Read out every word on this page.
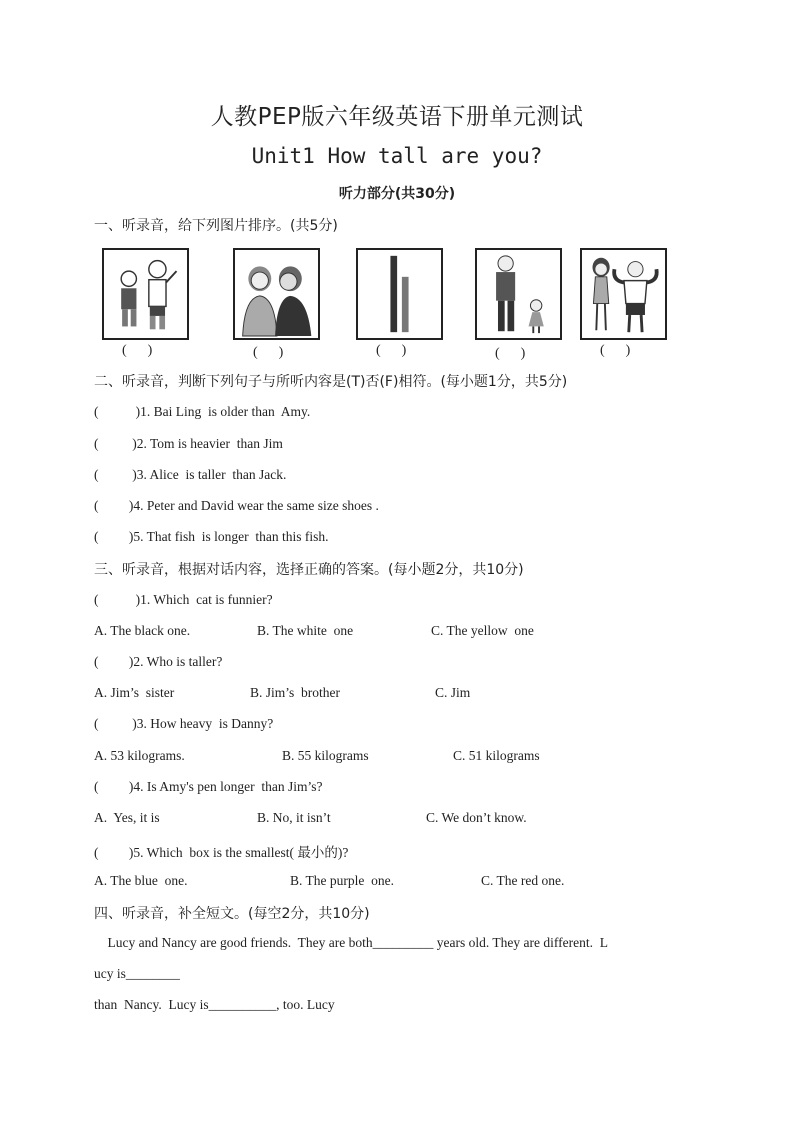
人教PEP版六年级英语下册单元测试
Unit1 How tall are you?
听力部分(共30分)
一、听录音，给下列图片排序。(共5分)
(      )	(      )	(      )	(      )	(      )
二、听录音，判断下列句子与所听内容是(T)否(F)相符。(每小题1分，共5分)
(           )1. Bai Ling  is older than  Amy.
(          )2. Tom is heavier  than Jim
(          )3. Alice  is taller  than Jack.
(         )4. Peter and David wear the same size shoes .
(         )5. That fish  is longer  than this fish.
三、听录音，根据对话内容，选择正确的答案。(每小题2分，共10分)
(           )1. Which  cat is funnier?
A. The black one.	B. The white  one	C. The yellow  one
(         )2. Who is taller?
A. Jim’s  sister	B. Jim’s  brother	C. Jim
(          )3. How heavy  is Danny?
A. 53 kilograms.	B. 55 kilograms	C. 51 kilograms
(         )4. Is Amy's pen longer  than Jim’s?
A.  Yes, it is	B. No, it isn’t	C. We don’t know.
(         )5. Which  box is the smallest( 最小的)?
A. The blue  one.	B. The purple  one.	C. The red one.
四、听录音，补全短文。(每空2分，共10分)
Lucy and Nancy are good friends.  They are both_________ years old. They are different.  L
ucy is________
than  Nancy.  Lucy is__________, too. Lucy
